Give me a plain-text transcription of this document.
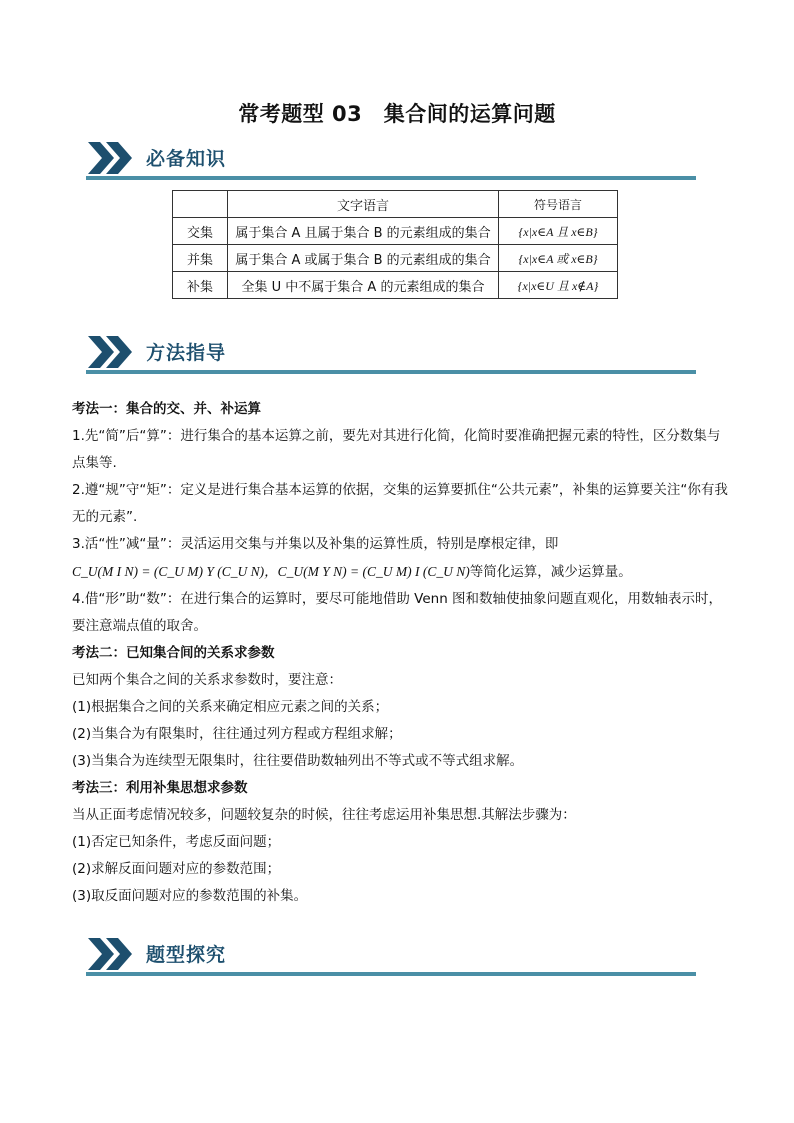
常考题型 03　集合间的运算问题
必备知识
	文字语言	符号语言
交集	属于集合 A 且属于集合 B 的元素组成的集合	{x|x∈A 且 x∈B}
并集	属于集合 A 或属于集合 B 的元素组成的集合	{x|x∈A 或 x∈B}
补集	全集 U 中不属于集合 A 的元素组成的集合	{x|x∈U 且 x∉A}
方法指导

考法一：集合的交、并、补运算

1.先“简”后“算”：进行集合的基本运算之前，要先对其进行化简，化简时要准确把握元素的特性，区分数集与点集等.

2.遵“规”守“矩”：定义是进行集合基本运算的依据，交集的运算要抓住“公共元素”，补集的运算要关注“你有我无的元素”.

3.活“性”减“量”：灵活运用交集与并集以及补集的运算性质，特别是摩根定律，即

C_U(M I N) = (C_U M) Y (C_U N)，C_U(M Y N) = (C_U M) I (C_U N)等简化运算，减少运算量。

4.借“形”助“数”：在进行集合的运算时，要尽可能地借助 Venn 图和数轴使抽象问题直观化，用数轴表示时，要注意端点值的取舍。

考法二：已知集合间的关系求参数

已知两个集合之间的关系求参数时，要注意：

(1)根据集合之间的关系来确定相应元素之间的关系；

(2)当集合为有限集时，往往通过列方程或方程组求解；

(3)当集合为连续型无限集时，往往要借助数轴列出不等式或不等式组求解。

考法三：利用补集思想求参数

当从正面考虑情况较多，问题较复杂的时候，往往考虑运用补集思想.其解法步骤为：

(1)否定已知条件，考虑反面问题；

(2)求解反面问题对应的参数范围；

(3)取反面问题对应的参数范围的补集。

题型探究
